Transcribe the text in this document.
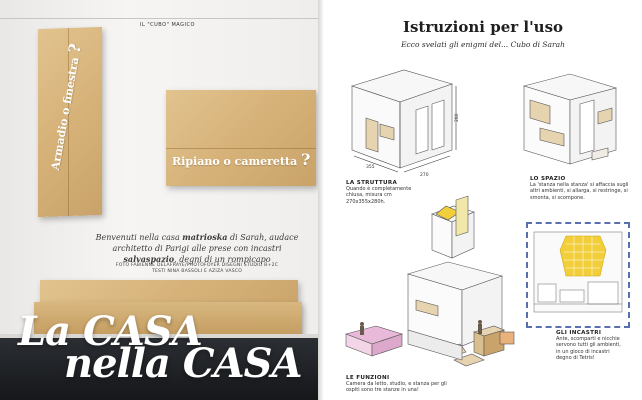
IL "CUBO" MAGICO
Armadio o finestra ?
Ripiano o cameretta ?
Benvenuti nella casa matrioska di Sarah, audace architetto di Parigi alle prese con incastri salvaspazio, degni di un rompicapo
FOTO FABIENNE DELAFRAYE/PHOTOFOYER DISEGNI STUDIO B+2C
TESTI NINA BASSOLI E AZIZA VASCO
La CASA
nella CASA
Istruzioni per l'uso
Ecco svelati gli enigmi del... Cubo di Sarah
280
355
270
LA STRUTTURA
Quando è completamente chiusa, misura cm 270x355x280h.
LO SPAZIO
La 'stanza nella stanza' si affaccia sugli altri ambienti, si allarga, si restringe, si smonta, si scompone.
GLI INCASTRI
Ante, scomparti e nicchie servono tutti gli ambienti, in un gioco di incastri degno di Tetris!
LE FUNZIONI
Camera da letto, studio, e stanza per gli ospiti sono tre stanze in una!
